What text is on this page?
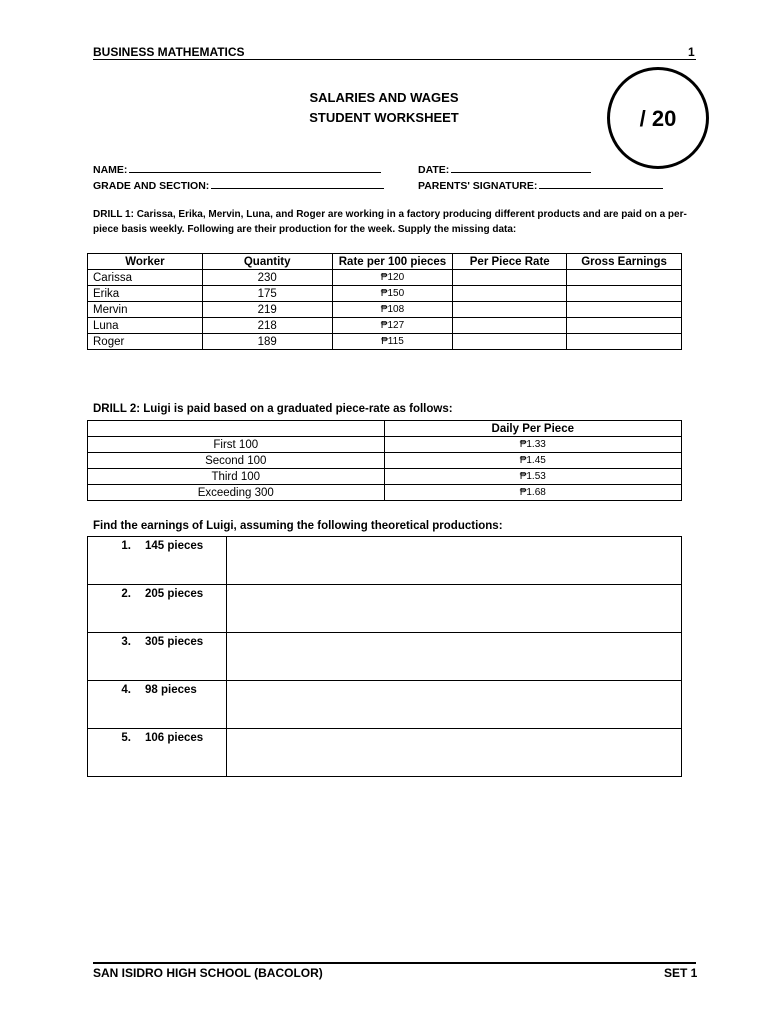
BUSINESS MATHEMATICS	1
SALARIES AND WAGES
STUDENT WORKSHEET	/ 20
NAME:	DATE:
GRADE AND SECTION:	PARENTS' SIGNATURE:
DRILL 1: Carissa, Erika, Mervin, Luna, and Roger are working in a factory producing different products and are paid on a per-
piece basis weekly. Following are their production for the week. Supply the missing data:
Worker	Quantity	Rate per 100 pieces	Per Piece Rate	Gross Earnings
Carissa	230	₱120		
Erika	175	₱150		
Mervin	219	₱108		
Luna	218	₱127		
Roger	189	₱115		
DRILL 2: Luigi is paid based on a graduated piece-rate as follows:
	Daily Per Piece
First 100	₱1.33
Second 100	₱1.45
Third 100	₱1.53
Exceeding 300	₱1.68
Find the earnings of Luigi, assuming the following theoretical productions:
1. 145 pieces	
2. 205 pieces	
3. 305 pieces	
4. 98 pieces	
5. 106 pieces	
SAN ISIDRO HIGH SCHOOL (BACOLOR)	SET 1
